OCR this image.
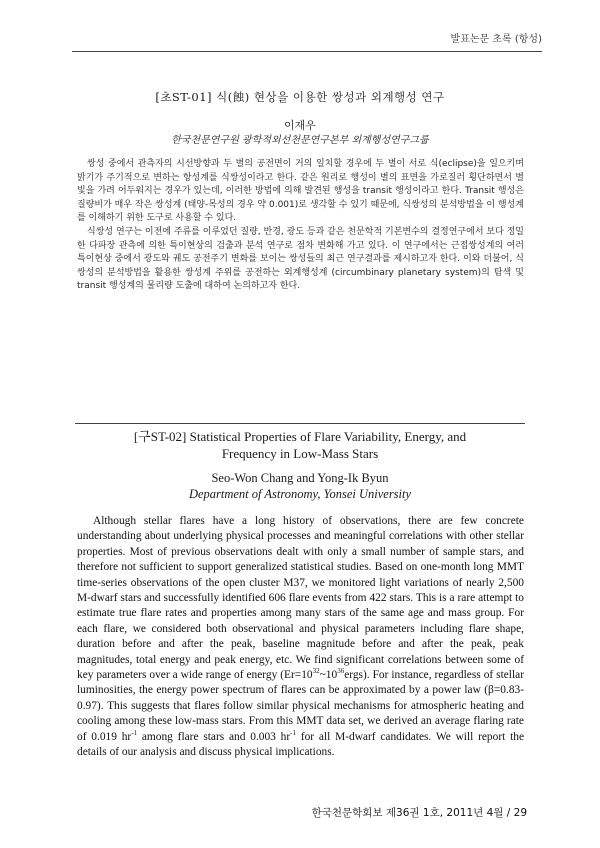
발표논문 초록 (항성)
[초ST-01] 식(蝕) 현상을 이용한 쌍성과 외계행성 연구
이재우
한국천문연구원 광학적외선천문연구본부 외계행성연구그룹

쌍성 중에서 관측자의 시선방향과 두 별의 공전면이 거의 일치할 경우에 두 별이 서로 식(eclipse)을 일으키며 밝기가 주기적으로 변하는 항성계를 식쌍성이라고 한다. 같은 원리로 행성이 별의 표면을 가로질러 횡단하면서 별빛을 가려 어두워지는 경우가 있는데, 이러한 방법에 의해 발견된 행성을 transit 행성이라고 한다. Transit 행성은 질량비가 매우 작은 쌍성계 (태양-목성의 경우 약 0.001)로 생각할 수 있기 때문에, 식쌍성의 분석방법을 이 행성계를 이해하기 위한 도구로 사용할 수 있다.

식쌍성 연구는 이전에 주류를 이루었던 질량, 반경, 광도 등과 같은 천문학적 기본변수의 결정연구에서 보다 정밀한 다파장 관측에 의한 특이현상의 검출과 분석 연구로 점차 변화해 가고 있다. 이 연구에서는 근접쌍성계의 여러 특이현상 중에서 광도와 궤도 공전주기 변화를 보이는 쌍성들의 최근 연구결과를 제시하고자 한다. 이와 더불어, 식쌍성의 분석방법을 활용한 쌍성계 주위를 공전하는 외계행성계 (circumbinary planetary system)의 탐색 및 transit 행성계의 물리량 도출에 대하여 논의하고자 한다.

[구ST-02] Statistical Properties of Flare Variability, Energy, and
Frequency in Low-Mass Stars
Seo-Won Chang and Yong-Ik Byun
Department of Astronomy, Yonsei University

Although stellar flares have a long history of observations, there are few concrete understanding about underlying physical processes and meaningful correlations with other stellar properties. Most of previous observations dealt with only a small number of sample stars, and therefore not sufficient to support generalized statistical studies. Based on one-month long MMT time-series observations of the open cluster M37, we monitored light variations of nearly 2,500 M-dwarf stars and successfully identified 606 flare events from 422 stars. This is a rare attempt to estimate true flare rates and properties among many stars of the same age and mass group. For each flare, we considered both observational and physical parameters including flare shape, duration before and after the peak, baseline magnitude before and after the peak, peak magnitudes, total energy and peak energy, etc. We find significant correlations between some of key parameters over a wide range of energy $(Er=10^{32}\sim 10^{36}ergs)$. For instance, regardless of stellar luminosities, the energy power spectrum of flares can be approximated by a power law (β=0.83-0.97). This suggests that flares follow similar physical mechanisms for atmospheric heating and cooling among these low-mass stars. From this MMT data set, we derived an average flaring rate of 0.019 $hr^{-1}$ among flare stars and 0.003 $hr^{-1}$ for all M-dwarf candidates. We will report the details of our analysis and discuss physical implications.

한국천문학회보 제36권 1호, 2011년 4월 / 29
